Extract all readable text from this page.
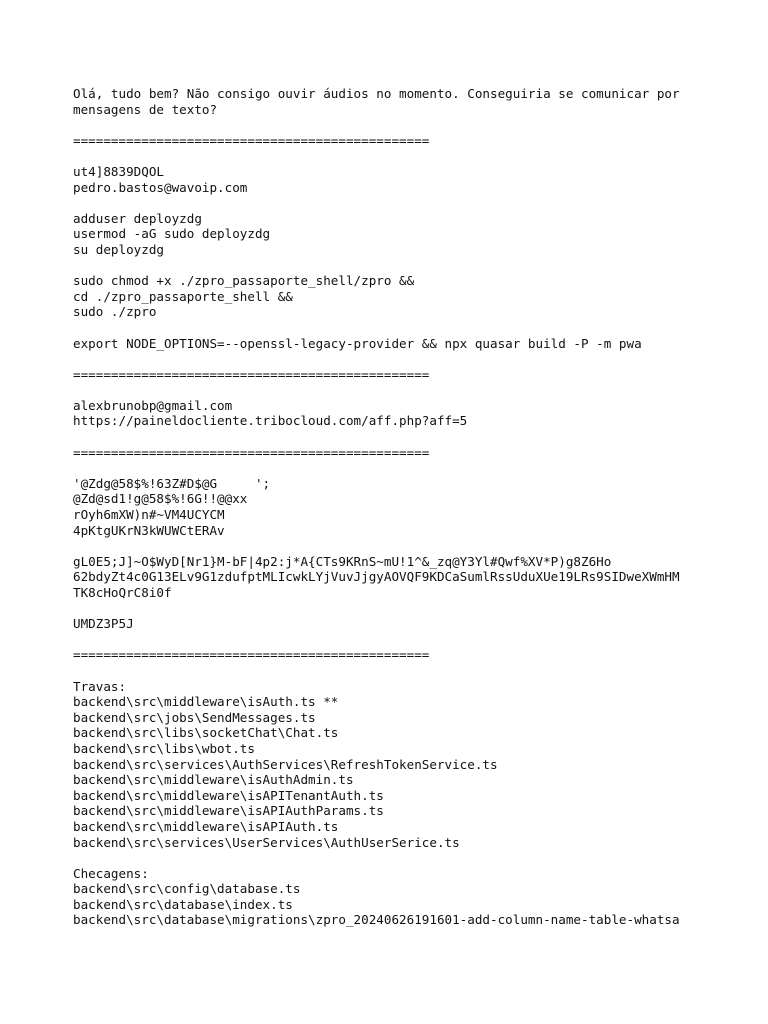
Olá, tudo bem? Não consigo ouvir áudios no momento. Conseguiria se comunicar por
mensagens de texto?
===============================================
ut4]8839DQOL
pedro.bastos@wavoip.com
adduser deployzdg
usermod -aG sudo deployzdg
su deployzdg
sudo chmod +x ./zpro_passaporte_shell/zpro &&
cd ./zpro_passaporte_shell &&
sudo ./zpro
export NODE_OPTIONS=--openssl-legacy-provider && npx quasar build -P -m pwa
===============================================
alexbrunobp@gmail.com
https://paineldocliente.tribocloud.com/aff.php?aff=5
===============================================
'@Zdg@58$%!63Z#D$@G     ';
@Zd@sd1!g@58$%!6G!!@@xx
rOyh6mXW)n#~VM4UCYCM
4pKtgUKrN3kWUWCtERAv
gL0E5;J]~O$WyD[Nr1}M-bF|4p2:j*A{CTs9KRnS~mU!1^&_zq@Y3Yl#Qwf%XV*P)g8Z6Ho
62bdyZt4c0G13ELv9G1zdufptMLIcwkLYjVuvJjgyAOVQF9KDCaSumlRssUduXUe19LRs9SIDweXWmHM
TK8cHoQrC8i0f
UMDZ3P5J
===============================================
Travas:
backend\src\middleware\isAuth.ts **
backend\src\jobs\SendMessages.ts
backend\src\libs\socketChat\Chat.ts
backend\src\libs\wbot.ts
backend\src\services\AuthServices\RefreshTokenService.ts
backend\src\middleware\isAuthAdmin.ts
backend\src\middleware\isAPITenantAuth.ts
backend\src\middleware\isAPIAuthParams.ts
backend\src\middleware\isAPIAuth.ts
backend\src\services\UserServices\AuthUserSerice.ts
Checagens:
backend\src\config\database.ts
backend\src\database\index.ts
backend\src\database\migrations\zpro_20240626191601-add-column-name-table-whatsa
